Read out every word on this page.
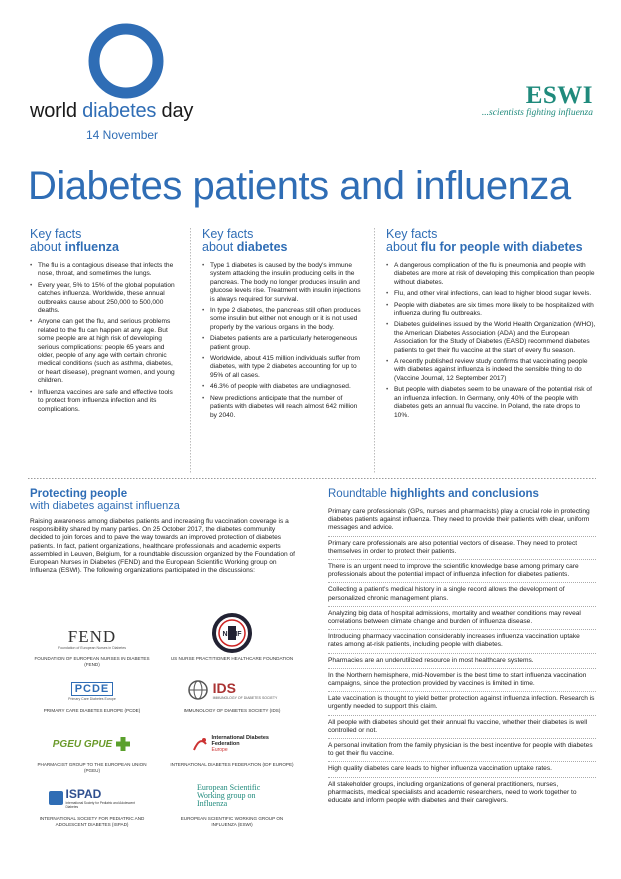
world diabetes day
14 November
ESWI
...scientists fighting influenza
Diabetes patients and influenza
Key facts
about influenza
• The flu is a contagious disease that infects the nose, throat, and sometimes the lungs.
• Every year, 5% to 15% of the global population catches influenza. Worldwide, these annual outbreaks cause about 250,000 to 500,000 deaths.
• Anyone can get the flu, and serious problems related to the flu can happen at any age. But some people are at high risk of developing serious complications: people 65 years and older, people of any age with certain chronic medical conditions (such as asthma, diabetes, or heart disease), pregnant women, and young children.
• Influenza vaccines are safe and effective tools to protect from influenza infection and its complications.
Key facts
about diabetes
• Type 1 diabetes is caused by the body's immune system attacking the insulin producing cells in the pancreas. The body no longer produces insulin and glucose levels rise. Treatment with insulin injections is always required for survival.
• In type 2 diabetes, the pancreas still often produces some insulin but either not enough or it is not used properly by the various organs in the body.
• Diabetes patients are a particularly heterogeneous patient group.
• Worldwide, about 415 million individuals suffer from diabetes, with type 2 diabetes accounting for up to 95% of all cases.
• 46.3% of people with diabetes are undiagnosed.
• New predictions anticipate that the number of patients with diabetes will reach almost 642 million by 2040.
Key facts
about flu for people with diabetes
• A dangerous complication of the flu is pneumonia and people with diabetes are more at risk of developing this complication than people without diabetes.
• Flu, and other viral infections, can lead to higher blood sugar levels.
• People with diabetes are six times more likely to be hospitalized with influenza during flu outbreaks.
• Diabetes guidelines issued by the World Health Organization (WHO), the American Diabetes Association (ADA) and the European Association for the Study of Diabetes (EASD) recommend diabetes patients to get their flu vaccine at the start of every flu season.
• A recently published review study confirms that vaccinating people with diabetes against influenza is indeed the sensible thing to do (Vaccine Journal, 12 September 2017)
• But people with diabetes seem to be unaware of the potential risk of an influenza infection. In Germany, only 40% of the people with diabetes gets an annual flu vaccine. In Poland, the rate drops to 10%.
Protecting people
with diabetes against influenza

Raising awareness among diabetes patients and increasing flu vaccination coverage is a responsibility shared by many parties. On 25 October 2017, the diabetes community decided to join forces and to pave the way towards an improved protection of diabetes patients. In fact, patient organizations, healthcare professionals and academic experts assembled in Leuven, Belgium, for a roundtable discussion organized by the Foundation of European Nurses in Diabetes (FEND) and the European Scientific Working group on Influenza (ESWI). The following organizations participated in the discussions:

FEND
Foundation of European Nurses in Diabetes
FOUNDATION OF EUROPEAN NURSES IN DIABETES (FEND)
NPHF
US NURSE PRACTITIONER HEALTHCARE FOUNDATION
PCDE
Primary Care Diabetes Europe
PRIMARY CARE DIABETES EUROPE (PCDE)
IDS
IMMUNOLOGY OF DIABETES SOCIETY
IMMUNOLOGY OF DIABETES SOCIETY (IDS)
PGEU GPUE
PHARMACIST GROUP TO THE EUROPEAN UNION (PGEU)
International Diabetes Federation
Europe
INTERNATIONAL DIABETES FEDERATION (IDF EUROPE)
ISPAD
International Society for Pediatric and Adolescent Diabetes
INTERNATIONAL SOCIETY FOR PEDIATRIC AND ADOLESCENT DIABETES (ISPAD)
European Scientific Working group on Influenza
EUROPEAN SCIENTIFIC WORKING GROUP ON INFLUENZA (ESWI)
Roundtable highlights and conclusions
Primary care professionals (GPs, nurses and pharmacists) play a crucial role in protecting diabetes patients against influenza. They need to provide their patients with clear, uniform messages and advice.
Primary care professionals are also potential vectors of disease. They need to protect themselves in order to protect their patients.
There is an urgent need to improve the scientific knowledge base among primary care professionals about the potential impact of influenza infection for diabetes patients.
Collecting a patient's medical history in a single record allows the development of personalized chronic management plans.
Analyzing big data of hospital admissions, mortality and weather conditions may reveal correlations between climate change and burden of influenza disease.
Introducing pharmacy vaccination considerably increases influenza vaccination uptake rates among at-risk patients, including people with diabetes.
Pharmacies are an underutilized resource in most healthcare systems.
In the Northern hemisphere, mid-November is the best time to start influenza vaccination campaigns, since the protection provided by vaccines is limited in time.
Late vaccination is thought to yield better protection against influenza infection. Research is urgently needed to support this claim.
All people with diabetes should get their annual flu vaccine, whether their diabetes is well controlled or not.
A personal invitation from the family physician is the best incentive for people with diabetes to get their flu vaccine.
High quality diabetes care leads to higher influenza vaccination uptake rates.
All stakeholder groups, including organizations of general practitioners, nurses, pharmacists, medical specialists and academic researchers, need to work together to educate and inform people with diabetes and their caregivers.
